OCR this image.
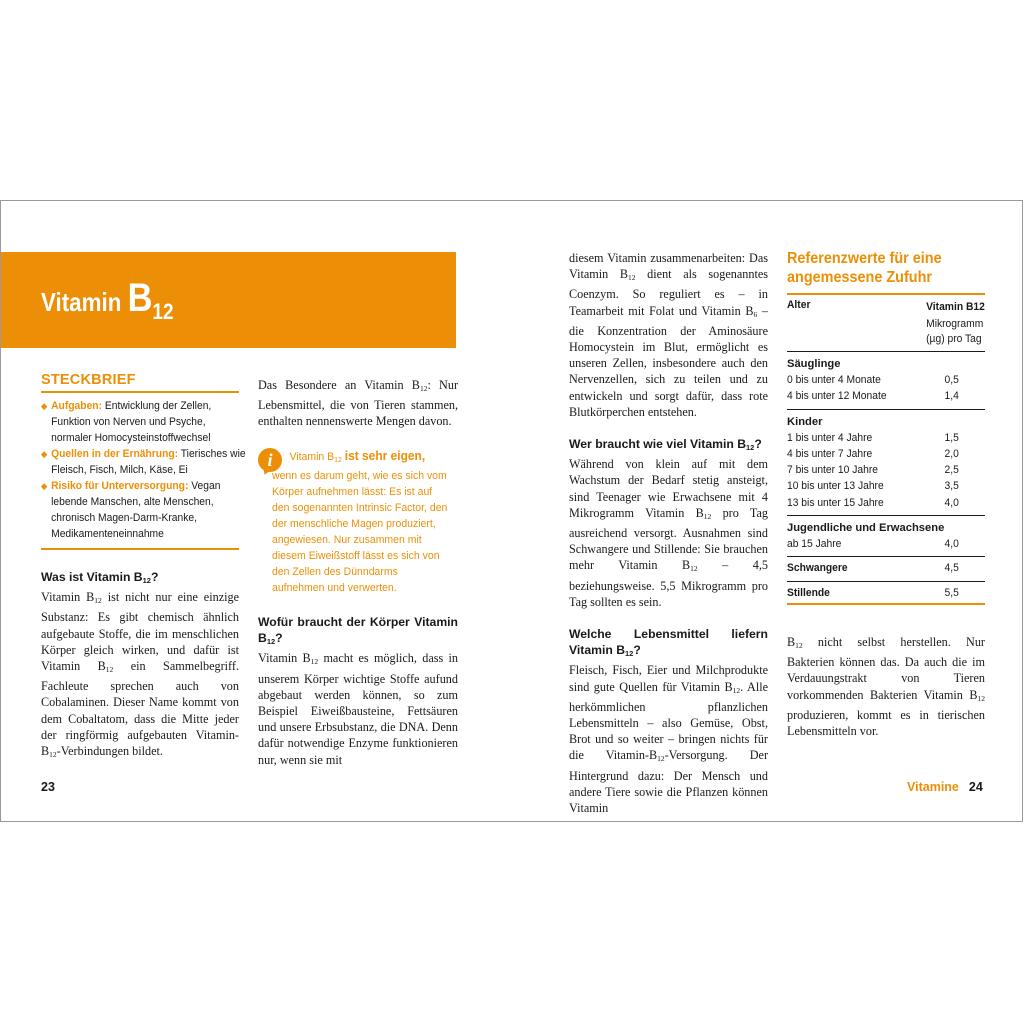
Vitamin $B_{12}$
STECKBRIEF
◆ Aufgaben: Entwicklung der Zellen, Funktion von Nerven und Psyche, normaler Homocysteinstoffwechsel
◆ Quellen in der Ernährung: Tierisches wie Fleisch, Fisch, Milch, Käse, Ei
◆ Risiko für Unterversorgung: Vegan lebende Manschen, alte Menschen, chronisch Magen-Darm-Kranke, Medikamenteneinnahme

Was ist Vitamin B12?

Vitamin B12 ist nicht nur eine einzige Substanz: Es gibt chemisch ähnlich aufgebaute Stoffe, die im menschlichen Körper gleich wirken, und dafür ist Vitamin B12 ein Sammelbegriff. Fachleute sprechen auch von Cobalaminen. Dieser Name kommt von dem Cobaltatom, dass die Mitte jeder der ringförmig aufgebauten Vitamin-B12-Verbindungen bildet.

Das Besondere an Vitamin B12: Nur Lebensmittel, die von Tieren stammen, enthalten nennenswerte Mengen davon.

i	Vitamin B12 ist sehr eigen, wenn es darum geht, wie es sich vom Körper aufnehmen lässt: Es ist auf den sogenannten Intrinsic Factor, den der menschliche Magen produziert, angewiesen. Nur zusammen mit diesem Eiweißstoff lässt es sich von den Zellen des Dünndarms aufnehmen und verwerten.

Wofür braucht der Körper Vitamin B12?

Vitamin B12 macht es möglich, dass in unserem Körper wichtige Stoffe aufund abgebaut werden können, so zum Beispiel Eiweißbausteine, Fettsäuren und unsere Erbsubstanz, die DNA. Denn dafür notwendige Enzyme funktionieren nur, wenn sie mit

diesem Vitamin zusammenarbeiten: Das Vitamin B12 dient als sogenanntes Coenzym. So reguliert es – in Teamarbeit mit Folat und Vitamin B6 – die Konzentration der Aminosäure Homocystein im Blut, ermöglicht es unseren Zellen, insbesondere auch den Nervenzellen, sich zu teilen und zu entwickeln und sorgt dafür, dass rote Blutkörperchen entstehen.

Wer braucht wie viel Vitamin B12?

Während von klein auf mit dem Wachstum der Bedarf stetig ansteigt, sind Teenager wie Erwachsene mit 4 Mikrogramm Vitamin B12 pro Tag ausreichend versorgt. Ausnahmen sind Schwangere und Stillende: Sie brauchen mehr Vitamin B12 – 4,5 beziehungsweise. 5,5 Mikrogramm pro Tag sollten es sein.

Welche Lebensmittel liefern Vitamin B12?

Fleisch, Fisch, Eier und Milchprodukte sind gute Quellen für Vitamin B12. Alle herkömmlichen pflanzlichen Lebensmitteln – also Gemüse, Obst, Brot und so weiter – bringen nichts für die Vitamin-B12-Versorgung. Der Hintergrund dazu: Der Mensch und andere Tiere sowie die Pflanzen können Vitamin

Referenzwerte für eine
angemessene Zufuhr
Alter	Vitamin B12
Mikrogramm (µg) pro Tag
Säuglinge
0 bis unter 4 Monate	0,5
4 bis unter 12 Monate	1,4
Kinder
1 bis unter 4 Jahre	1,5
4 bis unter 7 Jahre	2,0
7 bis unter 10 Jahre	2,5
10 bis unter 13 Jahre	3,5
13 bis unter 15 Jahre	4,0
Jugendliche und Erwachsene
ab 15 Jahre	4,0
Schwangere	4,5
Stillende	5,5

B12 nicht selbst herstellen. Nur Bakterien können das. Da auch die im Verdauungstrakt von Tieren vorkommenden Bakterien Vitamin B12 produzieren, kommt es in tierischen Lebensmitteln vor.

23	Vitamine 24
